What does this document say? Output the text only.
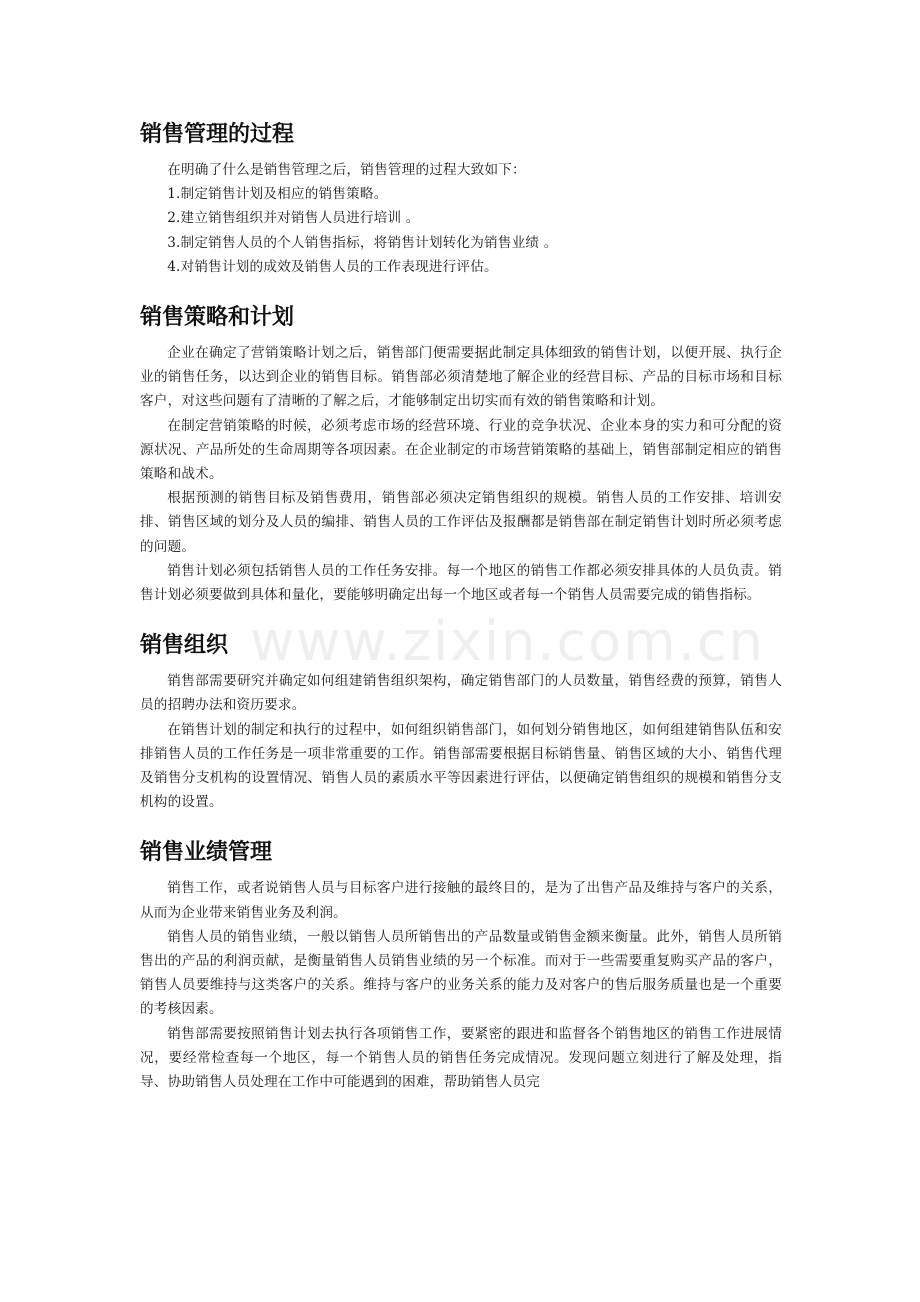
www.zixin.com.cn
销售管理的过程

在明确了什么是销售管理之后，销售管理的过程大致如下：

1.制定销售计划及相应的销售策略。

2.建立销售组织并对销售人员进行培训 。

3.制定销售人员的个人销售指标，将销售计划转化为销售业绩 。

4.对销售计划的成效及销售人员的工作表现进行评估。

销售策略和计划

企业在确定了营销策略计划之后，销售部门便需要据此制定具体细致的销售计划，以便开展、执行企业的销售任务，以达到企业的销售目标。销售部必须清楚地了解企业的经营目标、产品的目标市场和目标客户，对这些问题有了清晰的了解之后，才能够制定出切实而有效的销售策略和计划。

在制定营销策略的时候，必须考虑市场的经营环境、行业的竞争状况、企业本身的实力和可分配的资源状况、产品所处的生命周期等各项因素。在企业制定的市场营销策略的基础上，销售部制定相应的销售策略和战术。

根据预测的销售目标及销售费用，销售部必须决定销售组织的规模。销售人员的工作安排、培训安排、销售区域的划分及人员的编排、销售人员的工作评估及报酬都是销售部在制定销售计划时所必须考虑的问题。

销售计划必须包括销售人员的工作任务安排。每一个地区的销售工作都必须安排具体的人员负责。销售计划必须要做到具体和量化，要能够明确定出每一个地区或者每一个销售人员需要完成的销售指标。

销售组织

销售部需要研究并确定如何组建销售组织架构，确定销售部门的人员数量，销售经费的预算，销售人员的招聘办法和资历要求。

在销售计划的制定和执行的过程中，如何组织销售部门，如何划分销售地区，如何组建销售队伍和安排销售人员的工作任务是一项非常重要的工作。销售部需要根据目标销售量、销售区域的大小、销售代理及销售分支机构的设置情况、销售人员的素质水平等因素进行评估，以便确定销售组织的规模和销售分支机构的设置。

销售业绩管理

销售工作，或者说销售人员与目标客户进行接触的最终目的，是为了出售产品及维持与客户的关系，从而为企业带来销售业务及利润。

销售人员的销售业绩，一般以销售人员所销售出的产品数量或销售金额来衡量。此外，销售人员所销售出的产品的利润贡献，是衡量销售人员销售业绩的另一个标准。而对于一些需要重复购买产品的客户，销售人员要维持与这类客户的关系。维持与客户的业务关系的能力及对客户的售后服务质量也是一个重要的考核因素。

销售部需要按照销售计划去执行各项销售工作，要紧密的跟进和监督各个销售地区的销售工作进展情况，要经常检查每一个地区，每一个销售人员的销售任务完成情况。发现问题立刻进行了解及处理，指导、协助销售人员处理在工作中可能遇到的困难，帮助销售人员完
